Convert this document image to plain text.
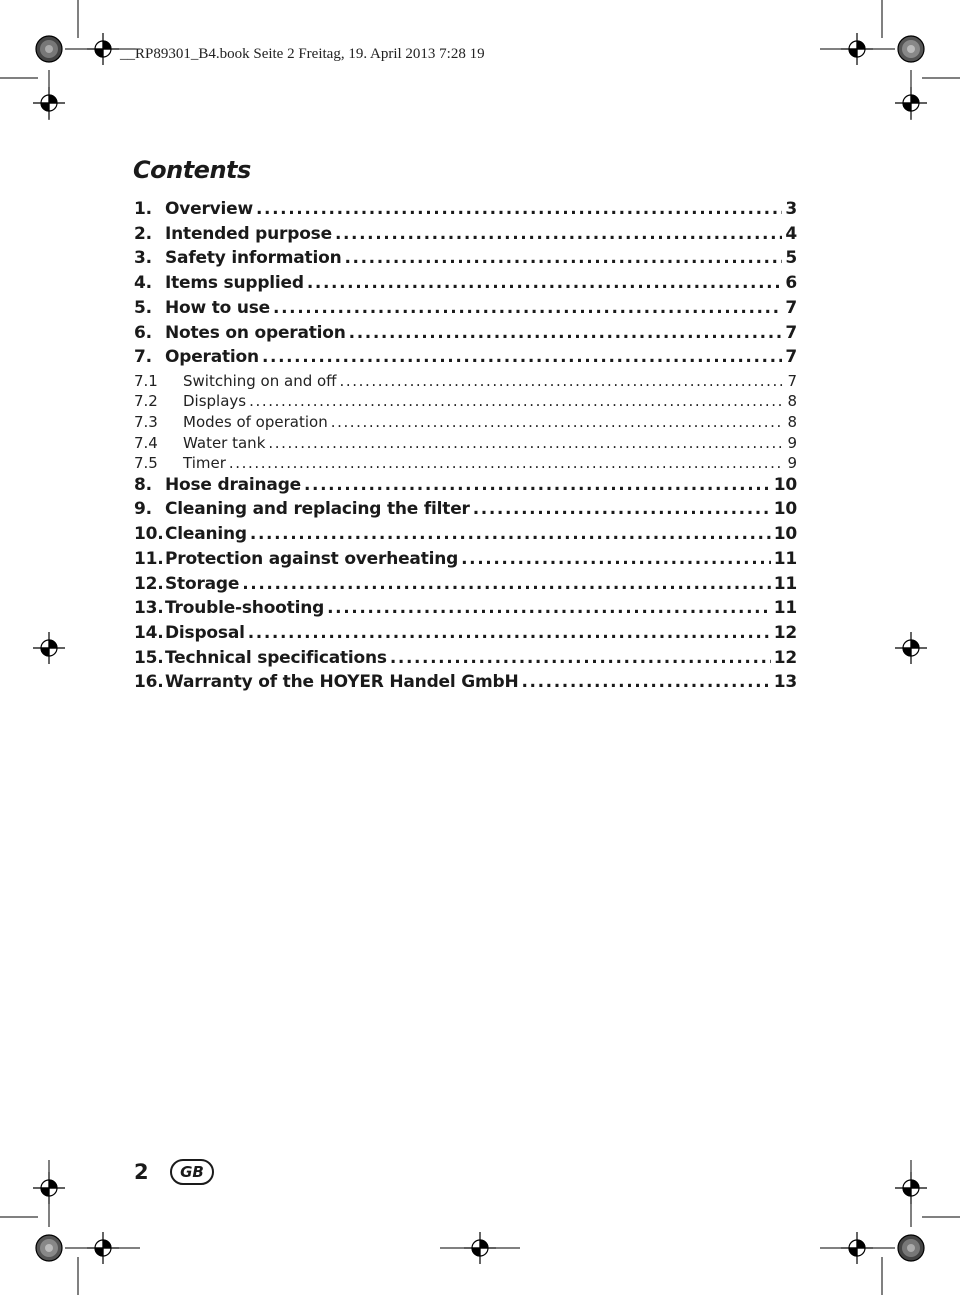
__RP89301_B4.book Seite 2 Freitag, 19. April 2013 7:28 19
Contents
1. Overview .....	3
2. Intended purpose .....	4
3. Safety information .....	5
4. Items supplied .....	6
5. How to use .....	7
6. Notes on operation .....	7
7. Operation .....	7
7.1	Switching on and off .....	7
7.2	Displays .....	8
7.3	Modes of operation .....	8
7.4	Water tank .....	9
7.5	Timer .....	9
8. Hose drainage .....	10
9. Cleaning and replacing the filter .....	10
10. Cleaning .....	10
11. Protection against overheating .....	11
12. Storage .....	11
13. Trouble-shooting .....	11
14. Disposal .....	12
15. Technical specifications .....	12
16. Warranty of the HOYER Handel GmbH .....	13
2	GB
